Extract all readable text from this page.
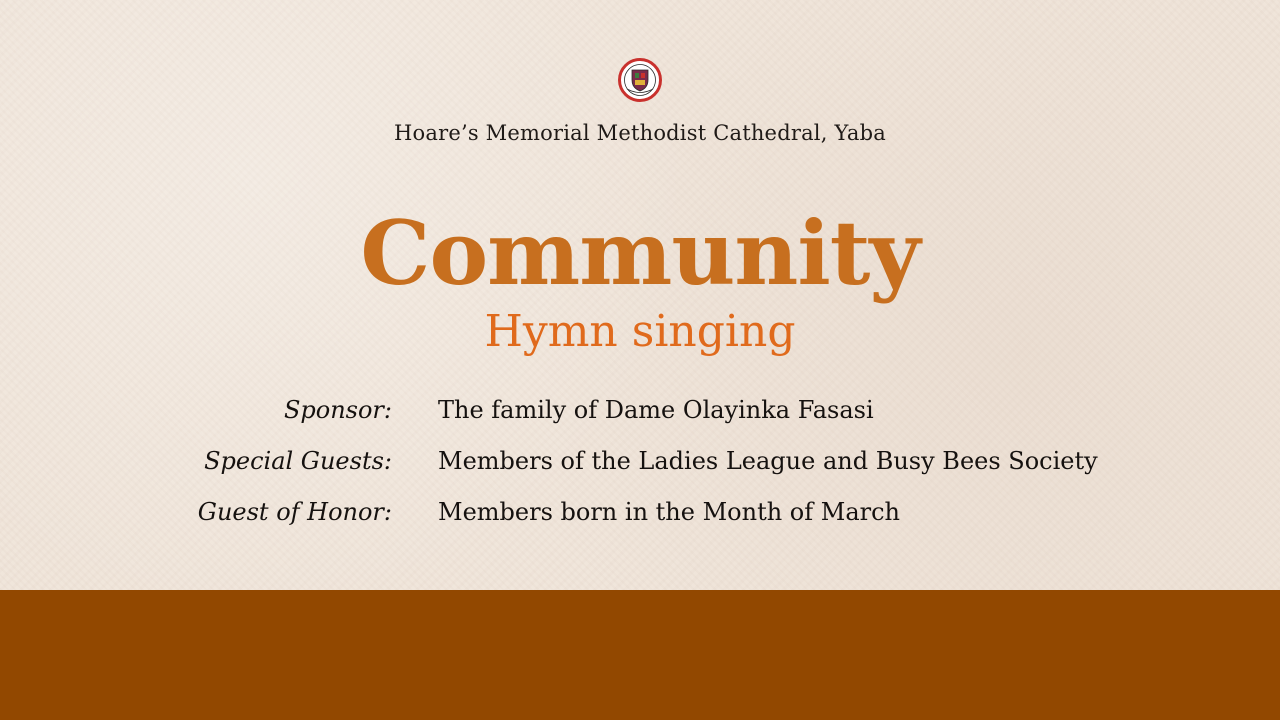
Hoare’s Memorial Methodist Cathedral, Yaba
Community
Hymn singing
Sponsor: The family of Dame Olayinka Fasasi
Special Guests: Members of the Ladies League and Busy Bees Society
Guest of Honor: Members born in the Month of March
